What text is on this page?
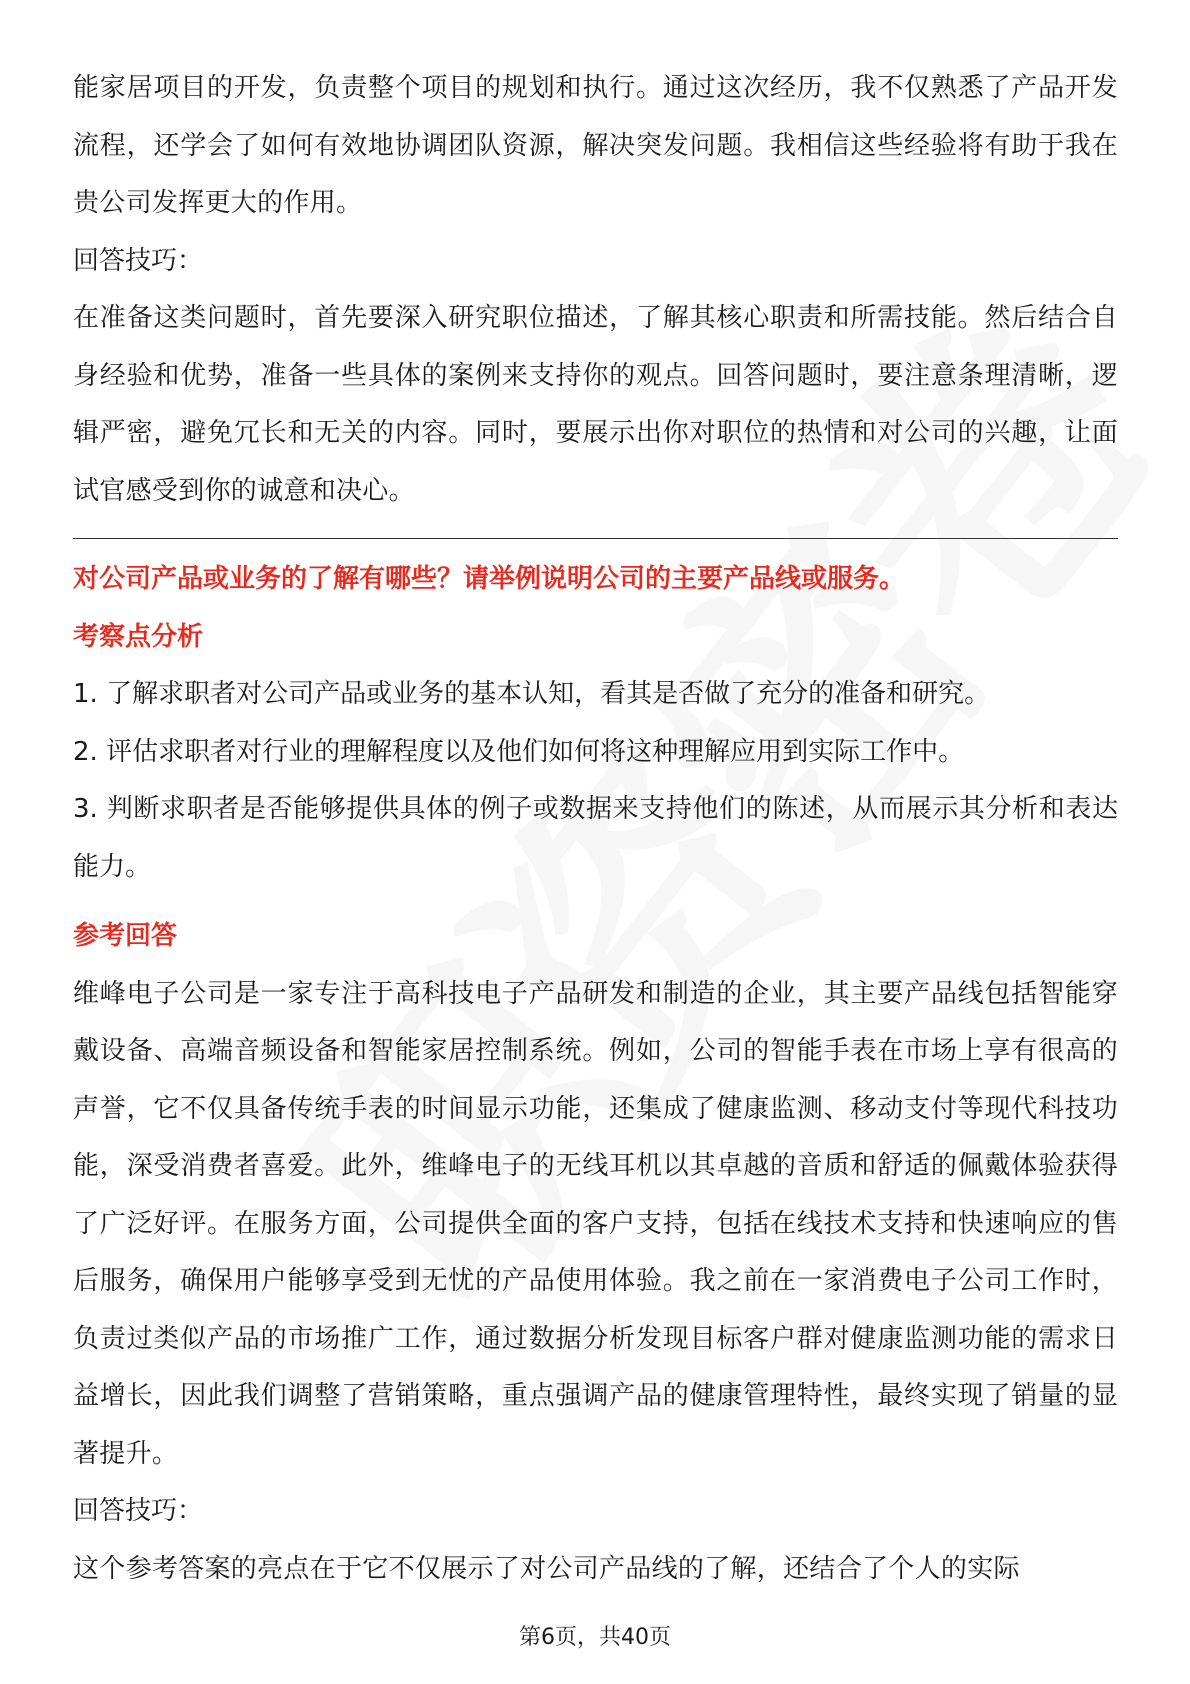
能家居项目的开发，负责整个项目的规划和执行。通过这次经历，我不仅熟悉了产品开发流程，还学会了如何有效地协调团队资源，解决突发问题。我相信这些经验将有助于我在贵公司发挥更大的作用。

回答技巧：

在准备这类问题时，首先要深入研究职位描述，了解其核心职责和所需技能。然后结合自身经验和优势，准备一些具体的案例来支持你的观点。回答问题时，要注意条理清晰，逻辑严密，避免冗长和无关的内容。同时，要展示出你对职位的热情和对公司的兴趣，让面试官感受到你的诚意和决心。

对公司产品或业务的了解有哪些？请举例说明公司的主要产品线或服务。

考察点分析

1. 了解求职者对公司产品或业务的基本认知，看其是否做了充分的准备和研究。

2. 评估求职者对行业的理解程度以及他们如何将这种理解应用到实际工作中。

3. 判断求职者是否能够提供具体的例子或数据来支持他们的陈述，从而展示其分析和表达能力。

参考回答

维峰电子公司是一家专注于高科技电子产品研发和制造的企业，其主要产品线包括智能穿戴设备、高端音频设备和智能家居控制系统。例如，公司的智能手表在市场上享有很高的声誉，它不仅具备传统手表的时间显示功能，还集成了健康监测、移动支付等现代科技功能，深受消费者喜爱。此外，维峰电子的无线耳机以其卓越的音质和舒适的佩戴体验获得了广泛好评。在服务方面，公司提供全面的客户支持，包括在线技术支持和快速响应的售后服务，确保用户能够享受到无忧的产品使用体验。我之前在一家消费电子公司工作时，负责过类似产品的市场推广工作，通过数据分析发现目标客户群对健康监测功能的需求日益增长，因此我们调整了营销策略，重点强调产品的健康管理特性，最终实现了销量的显著提升。

回答技巧：

这个参考答案的亮点在于它不仅展示了对公司产品线的了解，还结合了个人的实际

第6页，共40页
